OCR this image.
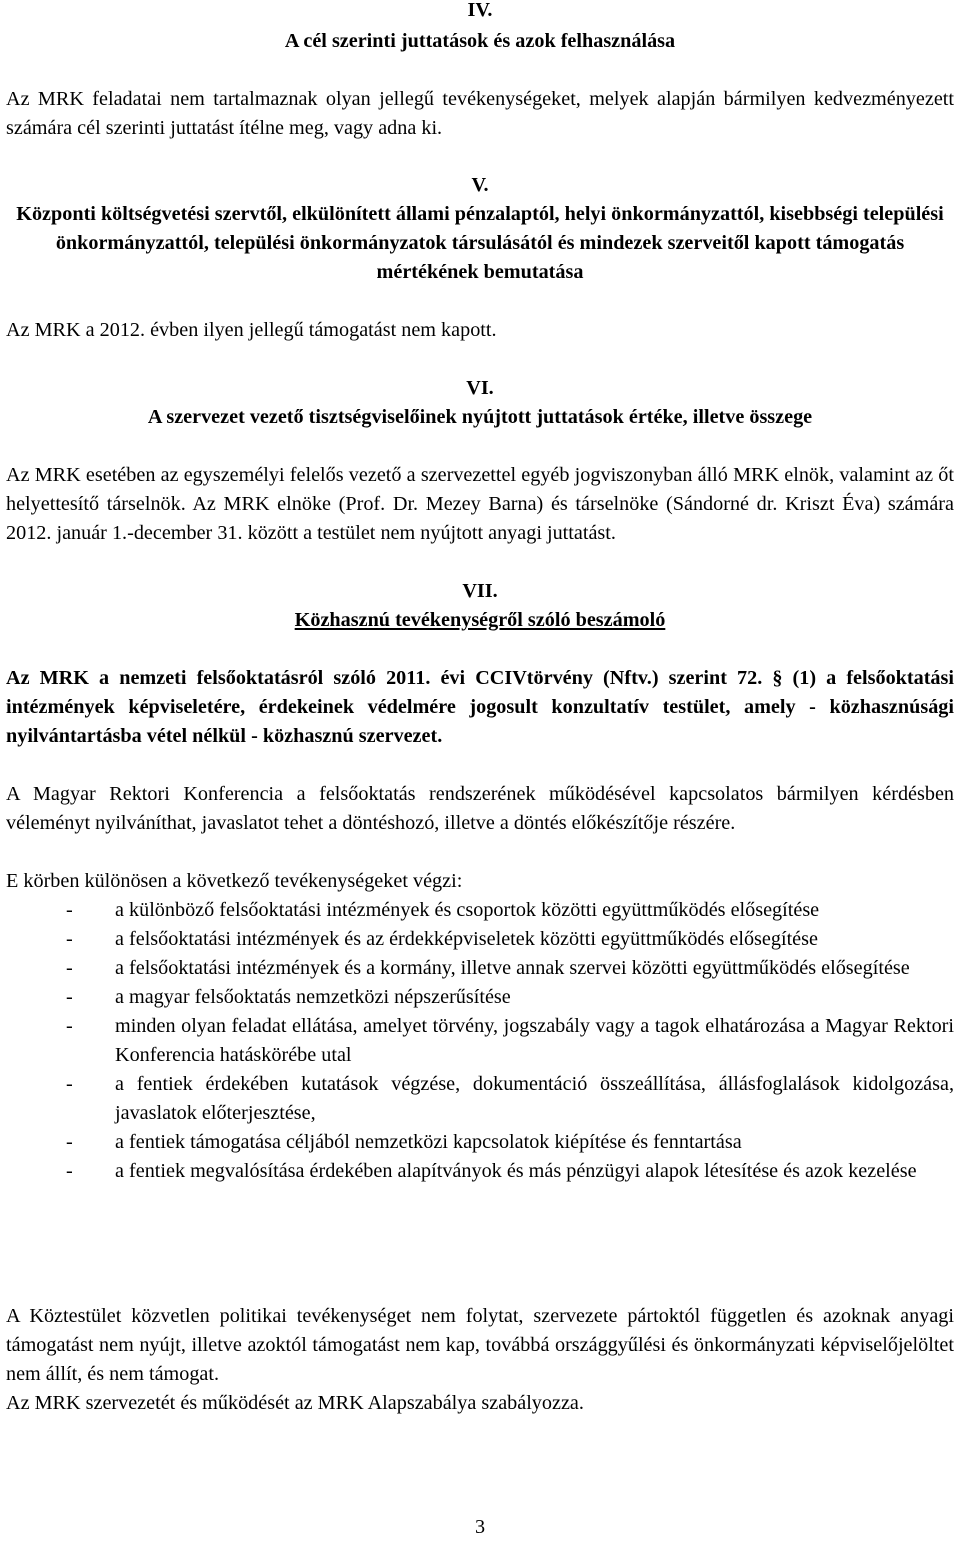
IV.
A cél szerinti juttatások és azok felhasználása

Az MRK feladatai nem tartalmaznak olyan jellegű tevékenységeket, melyek alapján bármilyen kedvezményezett számára cél szerinti juttatást ítélne meg, vagy adna ki.

V.
Központi költségvetési szervtől, elkülönített állami pénzalaptól, helyi önkormányzattól, kisebbségi települési önkormányzattól, települési önkormányzatok társulásától és mindezek szerveitől kapott támogatás mértékének bemutatása

Az MRK a 2012. évben ilyen jellegű támogatást nem kapott.

VI.
A szervezet vezető tisztségviselőinek nyújtott juttatások értéke, illetve összege

Az MRK esetében az egyszemélyi felelős vezető a szervezettel egyéb jogviszonyban álló MRK elnök, valamint az őt helyettesítő társelnök. Az MRK elnöke (Prof. Dr. Mezey Barna) és társelnöke (Sándorné dr. Kriszt Éva) számára 2012. január 1.-december 31. között a testület nem nyújtott anyagi juttatást.

VII.
Közhasznú tevékenységről szóló beszámoló

Az MRK a nemzeti felsőoktatásról szóló 2011. évi CCIVtörvény (Nftv.) szerint 72. § (1) a felsőoktatási intézmények képviseletére, érdekeinek védelmére jogosult konzultatív testület, amely - közhasznúsági nyilvántartásba vétel nélkül - közhasznú szervezet.

A Magyar Rektori Konferencia a felsőoktatás rendszerének működésével kapcsolatos bármilyen kérdésben véleményt nyilváníthat, javaslatot tehet a döntéshozó, illetve a döntés előkészítője részére.

E körben különösen a következő tevékenységeket végzi:

- a különböző felsőoktatási intézmények és csoportok közötti együttműködés elősegítése
- a felsőoktatási intézmények és az érdekképviseletek közötti együttműködés elősegítése
- a felsőoktatási intézmények és a kormány, illetve annak szervei közötti együttműködés elősegítése
- a magyar felsőoktatás nemzetközi népszerűsítése
- minden olyan feladat ellátása, amelyet törvény, jogszabály vagy a tagok elhatározása a Magyar Rektori Konferencia hatáskörébe utal
- a fentiek érdekében kutatások végzése, dokumentáció összeállítása, állásfoglalások kidolgozása, javaslatok előterjesztése,
- a fentiek támogatása céljából nemzetközi kapcsolatok kiépítése és fenntartása
- a fentiek megvalósítása érdekében alapítványok és más pénzügyi alapok létesítése és azok kezelése

A Köztestület közvetlen politikai tevékenységet nem folytat, szervezete pártoktól független és azoknak anyagi támogatást nem nyújt, illetve azoktól támogatást nem kap, továbbá országgyűlési és önkormányzati képviselőjelöltet nem állít, és nem támogat.

Az MRK szervezetét és működését az MRK Alapszabálya szabályozza.

3
